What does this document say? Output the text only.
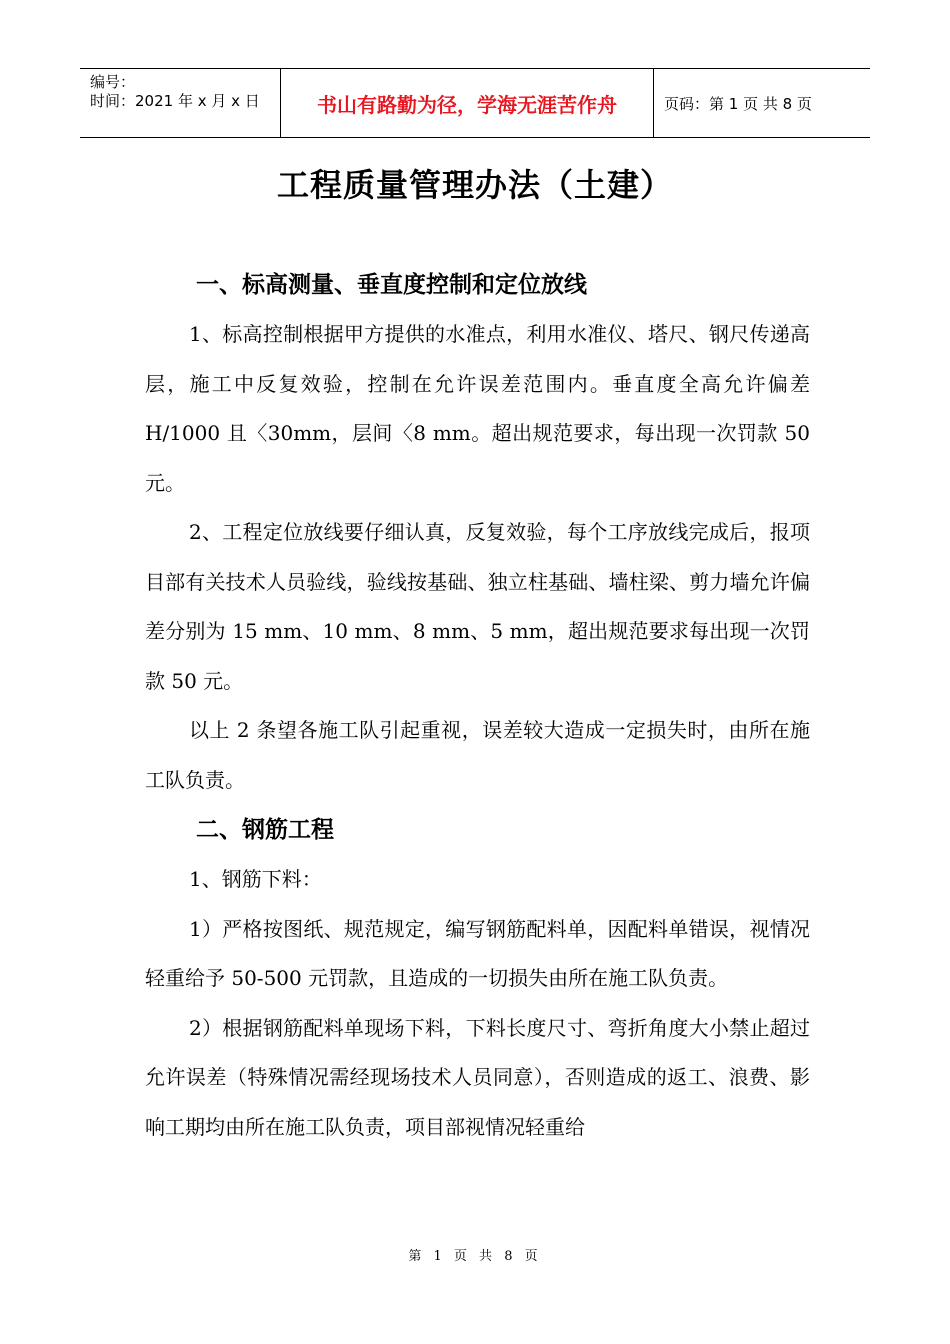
编号：
时间：2021 年 x 月 x 日	书山有路勤为径，学海无涯苦作舟	页码：第 1 页 共 8 页
工程质量管理办法（土建）
一、标高测量、垂直度控制和定位放线

1、标高控制根据甲方提供的水准点，利用水准仪、塔尺、钢尺传递高层，施工中反复效验，控制在允许误差范围内。垂直度全高允许偏差 H/1000 且〈30mm，层间〈8 mm。超出规范要求，每出现一次罚款 50 元。

2、工程定位放线要仔细认真，反复效验，每个工序放线完成后，报项目部有关技术人员验线，验线按基础、独立柱基础、墙柱梁、剪力墙允许偏差分别为 15 mm、10 mm、8 mm、5 mm，超出规范要求每出现一次罚款 50 元。

以上 2 条望各施工队引起重视，误差较大造成一定损失时，由所在施工队负责。

二、钢筋工程

1、钢筋下料：

1）严格按图纸、规范规定，编写钢筋配料单，因配料单错误，视情况轻重给予 50-500 元罚款，且造成的一切损失由所在施工队负责。

2）根据钢筋配料单现场下料，下料长度尺寸、弯折角度大小禁止超过允许误差（特殊情况需经现场技术人员同意），否则造成的返工、浪费、影响工期均由所在施工队负责，项目部视情况轻重给

第 1 页 共 8 页
